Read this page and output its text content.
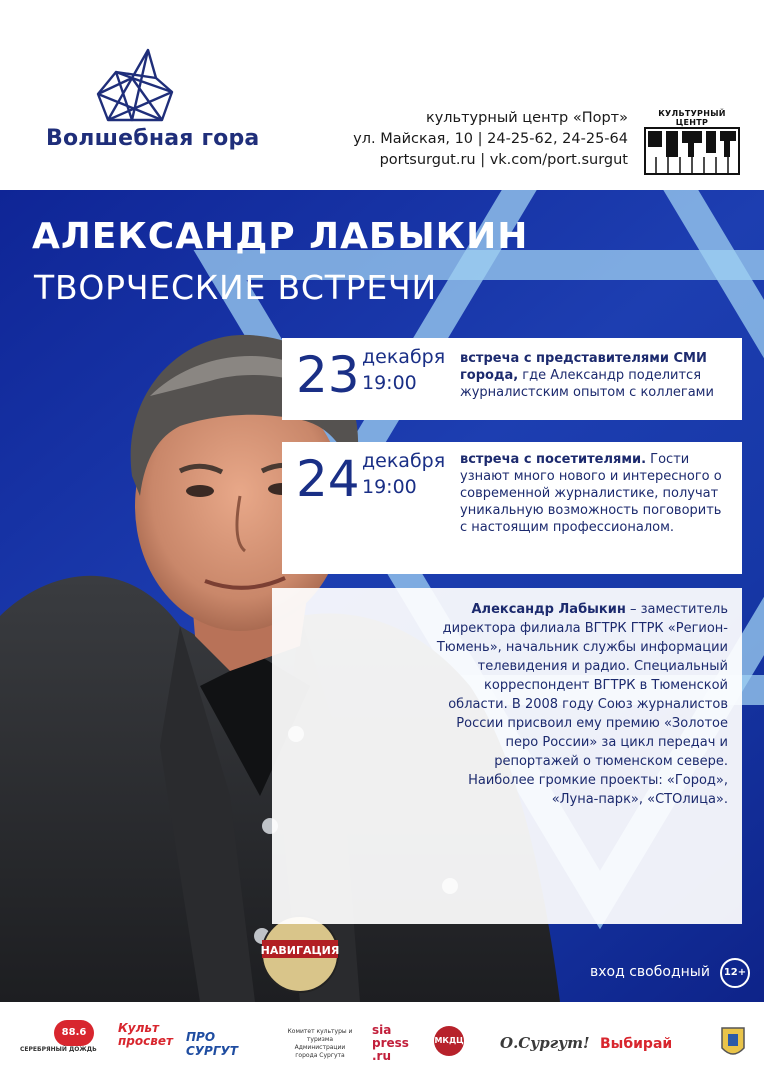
Волшебная гора
культурный центр «Порт»
ул. Майская, 10 | 24-25-62, 24-25-64
portsurgut.ru | vk.com/port.surgut
КУЛЬТУРНЫЙ ЦЕНТР
АЛЕКСАНДР ЛАБЫКИН
ТВОРЧЕСКИЕ ВСТРЕЧИ
НАВИГАЦИЯ
23 декабря
19:00
встреча с представителями СМИ города, где Александр поделится журналистским опытом с коллегами
24 декабря
19:00
встреча с посетителями. Гости узнают много нового и интересного о современной журналистике, получат уникальную возможность поговорить с настоящим профессионалом.
Александр Лабыкин – заместитель директора филиала ВГТРК ГТРК «Регион-Тюмень», начальник службы информации телевидения и радио. Специальный корреспондент ВГТРК в Тюменской области. В 2008 году Союз журналистов России присвоил ему премию «Золотое перо России» за цикл передач и репортажей о тюменском севере. Наиболее громкие проекты: «Город», «Луна-парк», «СТОлица».
вход свободный	12+
88.6
СЕРЕБРЯНЫЙ ДОЖДЬ
Культ просвет	ПРО СУРГУТ
Комитет культуры и туризма Администрации города Сургута
sia press .ru
МКДЦ О.Сургут! Выбирай
